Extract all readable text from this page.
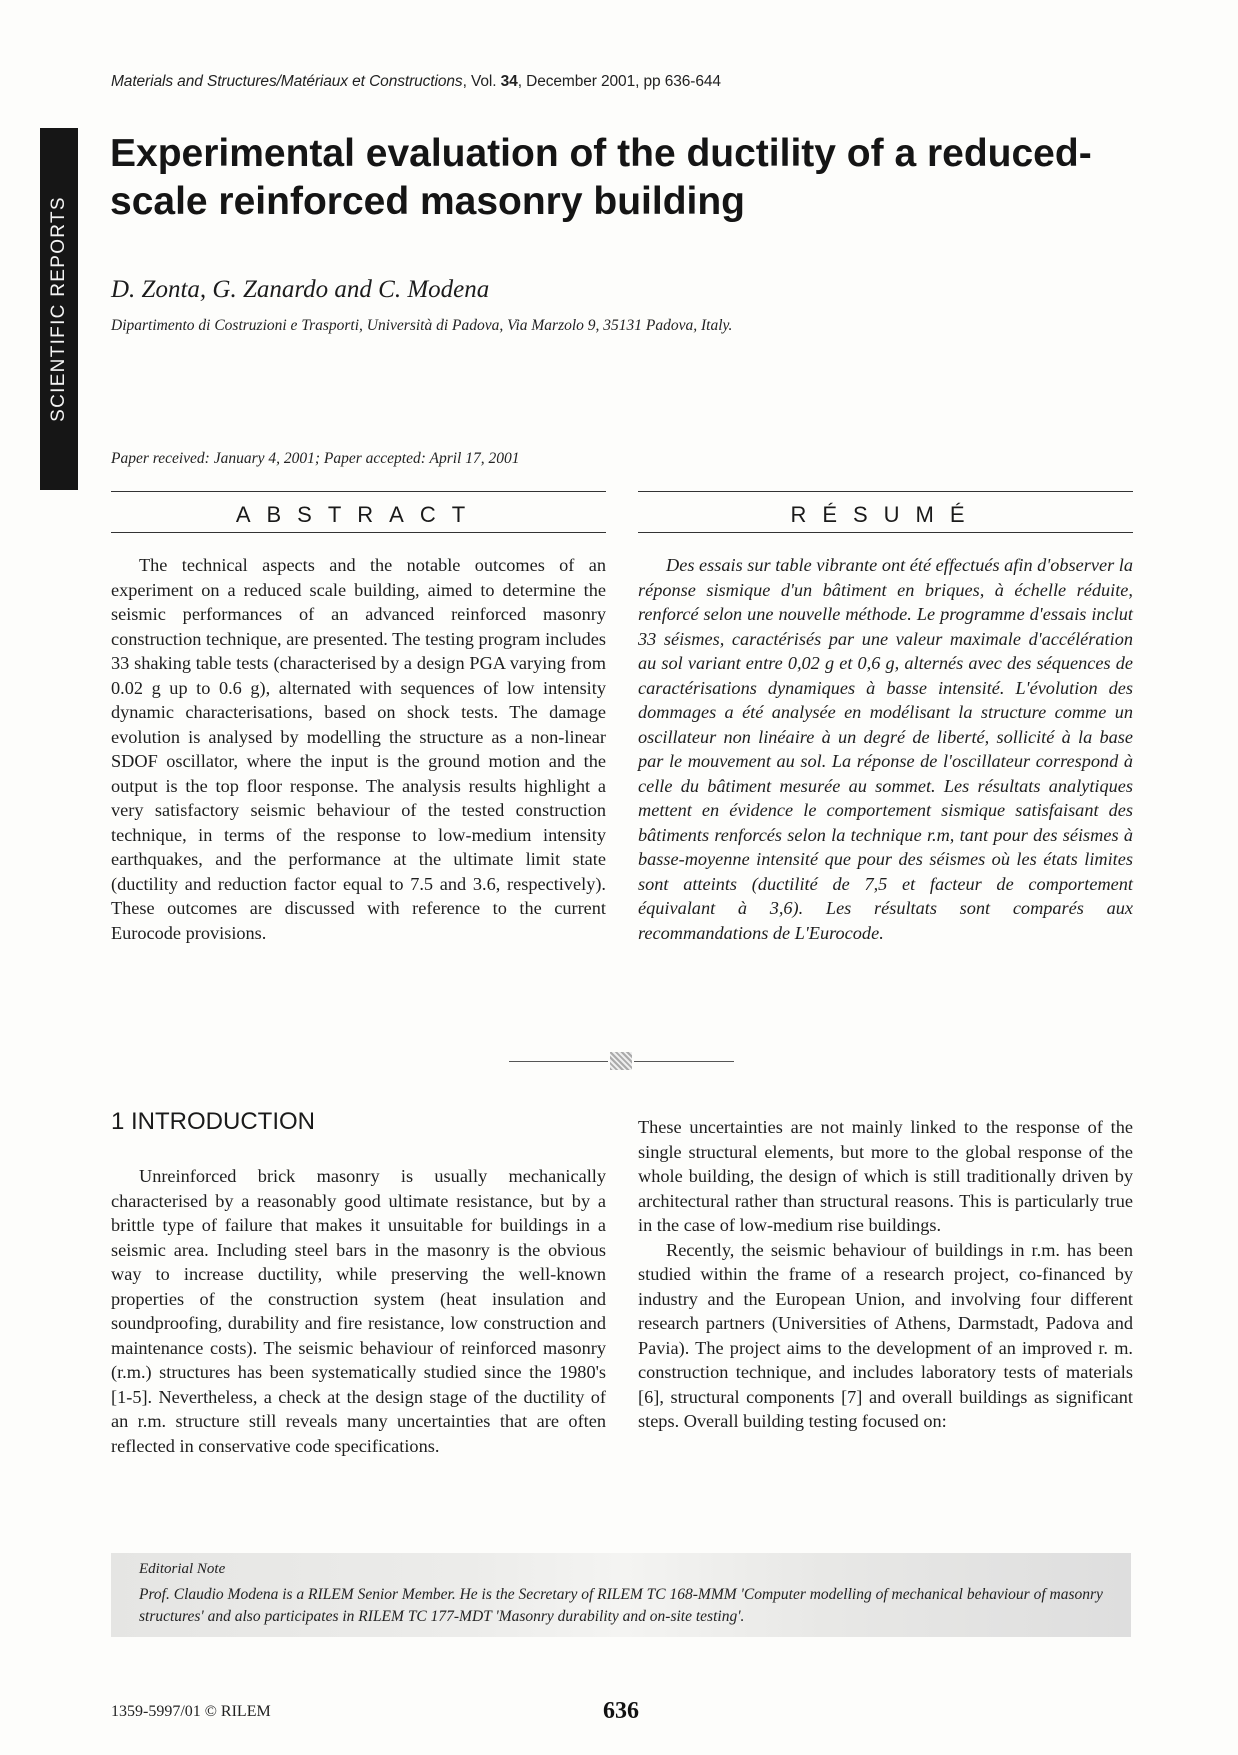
Materials and Structures/Matériaux et Constructions, Vol. 34, December 2001, pp 636-644
SCIENTIFIC REPORTS
Experimental evaluation of the ductility of a reduced-
scale reinforced masonry building
D. Zonta, G. Zanardo and C. Modena
Dipartimento di Costruzioni e Trasporti, Università di Padova, Via Marzolo 9, 35131 Padova, Italy.
Paper received: January 4, 2001; Paper accepted: April 17, 2001
ABSTRACT	RÉSUMÉ

The technical aspects and the notable outcomes of an experiment on a reduced scale building, aimed to determine the seismic performances of an advanced reinforced masonry construction technique, are presented. The testing program includes 33 shaking table tests (characterised by a design PGA varying from 0.02 g up to 0.6 g), alternated with sequences of low intensity dynamic characterisations, based on shock tests. The damage evolution is analysed by modelling the structure as a non-linear SDOF oscillator, where the input is the ground motion and the output is the top floor response. The analysis results highlight a very satisfactory seismic behaviour of the tested construction technique, in terms of the response to low-medium intensity earthquakes, and the performance at the ultimate limit state (ductility and reduction factor equal to 7.5 and 3.6, respectively). These outcomes are discussed with reference to the current Eurocode provisions.

Des essais sur table vibrante ont été effectués afin d'observer la réponse sismique d'un bâtiment en briques, à échelle réduite, renforcé selon une nouvelle méthode. Le programme d'essais inclut 33 séismes, caractérisés par une valeur maximale d'accélération au sol variant entre 0,02 g et 0,6 g, alternés avec des séquences de caractérisations dynamiques à basse intensité. L'évolution des dommages a été analysée en modélisant la structure comme un oscillateur non linéaire à un degré de liberté, sollicité à la base par le mouvement au sol. La réponse de l'oscillateur correspond à celle du bâtiment mesurée au sommet. Les résultats analytiques mettent en évidence le comportement sismique satisfaisant des bâtiments renforcés selon la technique r.m, tant pour des séismes à basse-moyenne intensité que pour des séismes où les états limites sont atteints (ductilité de 7,5 et facteur de comportement équivalant à 3,6). Les résultats sont comparés aux recommandations de L'Eurocode.

1 INTRODUCTION

Unreinforced brick masonry is usually mechanically characterised by a reasonably good ultimate resistance, but by a brittle type of failure that makes it unsuitable for buildings in a seismic area. Including steel bars in the masonry is the obvious way to increase ductility, while preserving the well-known properties of the construction system (heat insulation and soundproofing, durability and fire resistance, low construction and maintenance costs). The seismic behaviour of reinforced masonry (r.m.) structures has been systematically studied since the 1980's [1-5]. Nevertheless, a check at the design stage of the ductility of an r.m. structure still reveals many uncertainties that are often reflected in conservative code specifications.

These uncertainties are not mainly linked to the response of the single structural elements, but more to the global response of the whole building, the design of which is still traditionally driven by architectural rather than structural reasons. This is particularly true in the case of low-medium rise buildings.

Recently, the seismic behaviour of buildings in r.m. has been studied within the frame of a research project, co-financed by industry and the European Union, and involving four different research partners (Universities of Athens, Darmstadt, Padova and Pavia). The project aims to the development of an improved r. m. construction technique, and includes laboratory tests of materials [6], structural components [7] and overall buildings as significant steps. Overall building testing focused on:

Editorial Note
Prof. Claudio Modena is a RILEM Senior Member. He is the Secretary of RILEM TC 168-MMM 'Computer modelling of mechanical behaviour of masonry structures' and also participates in RILEM TC 177-MDT 'Masonry durability and on-site testing'.
1359-5997/01 © RILEM	636
